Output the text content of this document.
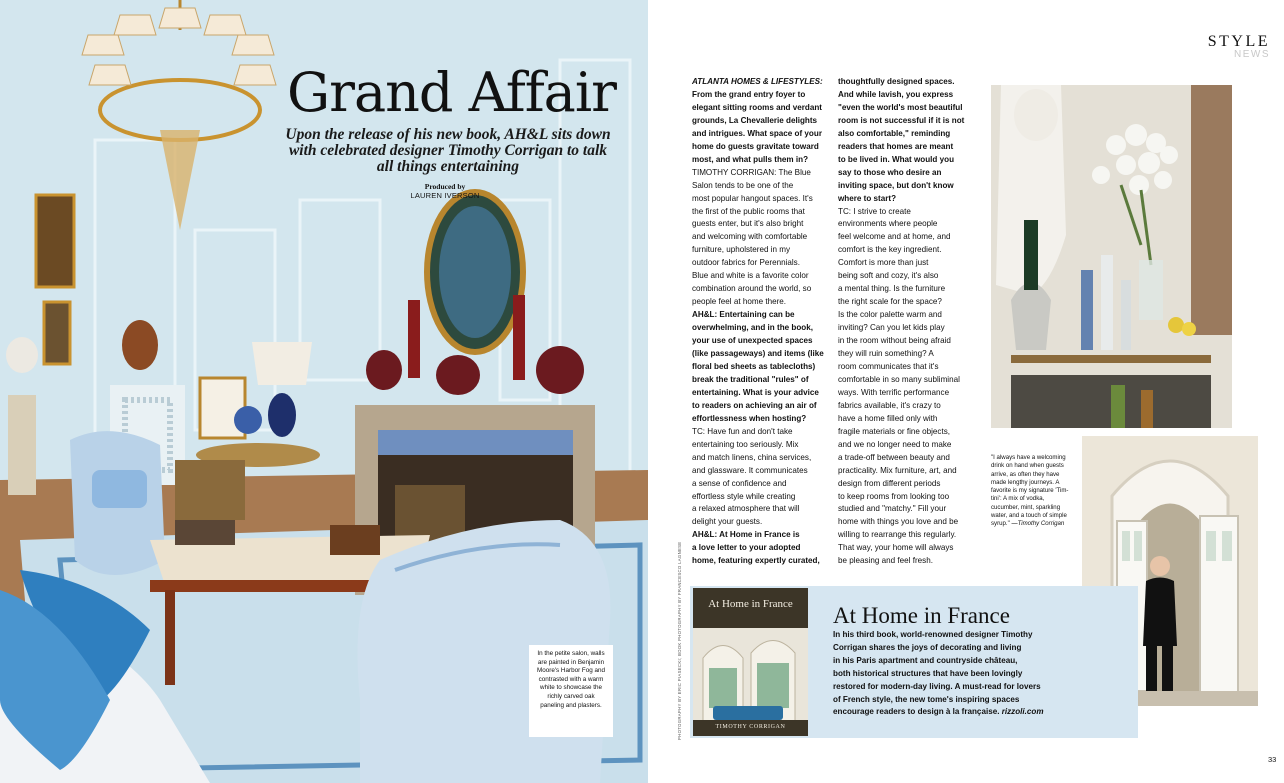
Grand Affair
Upon the release of his new book, AH&L sits down with celebrated designer Timothy Corrigan to talk all things entertaining
Produced by
LAUREN IVERSON
In the petite salon, walls are painted in Benjamin Moore's Harbor Fog and contrasted with a warm white to showcase the richly carved oak paneling and plasters.
STYLE
NEWS
ATLANTA HOMES & LIFESTYLES:
From the grand entry foyer to
elegant sitting rooms and verdant
grounds, La Chevallerie delights
and intrigues. What space of your
home do guests gravitate toward
most, and what pulls them in?
TIMOTHY CORRIGAN: The Blue
Salon tends to be one of the
most popular hangout spaces. It's
the first of the public rooms that
guests enter, but it's also bright
and welcoming with comfortable
furniture, upholstered in my
outdoor fabrics for Perennials.
Blue and white is a favorite color
combination around the world, so
people feel at home there.
AH&L: Entertaining can be
overwhelming, and in the book,
your use of unexpected spaces
(like passageways) and items (like
floral bed sheets as tablecloths)
break the traditional "rules" of
entertaining. What is your advice
to readers on achieving an air of
effortlessness when hosting?
TC: Have fun and don't take
entertaining too seriously. Mix
and match linens, china services,
and glassware. It communicates
a sense of confidence and
effortless style while creating
a relaxed atmosphere that will
delight your guests.
AH&L: At Home in France is
a love letter to your adopted
home, featuring expertly curated,
thoughtfully designed spaces.
And while lavish, you express
"even the world's most beautiful
room is not successful if it is not
also comfortable," reminding
readers that homes are meant
to be lived in. What would you
say to those who desire an
inviting space, but don't know
where to start?
TC: I strive to create
environments where people
feel welcome and at home, and
comfort is the key ingredient.
Comfort is more than just
being soft and cozy, it's also
a mental thing. Is the furniture
the right scale for the space?
Is the color palette warm and
inviting? Can you let kids play
in the room without being afraid
they will ruin something? A
room communicates that it's
comfortable in so many subliminal
ways. With terrific performance
fabrics available, it's crazy to
have a home filled only with
fragile materials or fine objects,
and we no longer need to make
a trade-off between beauty and
practicality. Mix furniture, art, and
design from different periods
to keep rooms from looking too
studied and "matchy." Fill your
home with things you love and be
willing to rearrange this regularly.
That way, your home will always
be pleasing and feel fresh.
"I always have a welcoming drink on hand when guests arrive, as often they have made lengthy journeys. A favorite is my signature 'Tim-tini': A mix of vodka, cucumber, mint, sparkling water, and a touch of simple syrup." —Timothy Corrigan
At Home in France
TIMOTHY CORRIGAN
At Home in France
In his third book, world-renowned designer Timothy
Corrigan shares the joys of decorating and living
in his Paris apartment and countryside château,
both historical structures that have been lovingly
restored for modern-day living. A must-read for lovers
of French style, the new tome's inspiring spaces
encourage readers to design à la française. rizzoli.com
PHOTOGRAPHY BY ERIC PIASECKI; BOOK PHOTOGRAPHY BY FRANCESCO LAGNESE
33
